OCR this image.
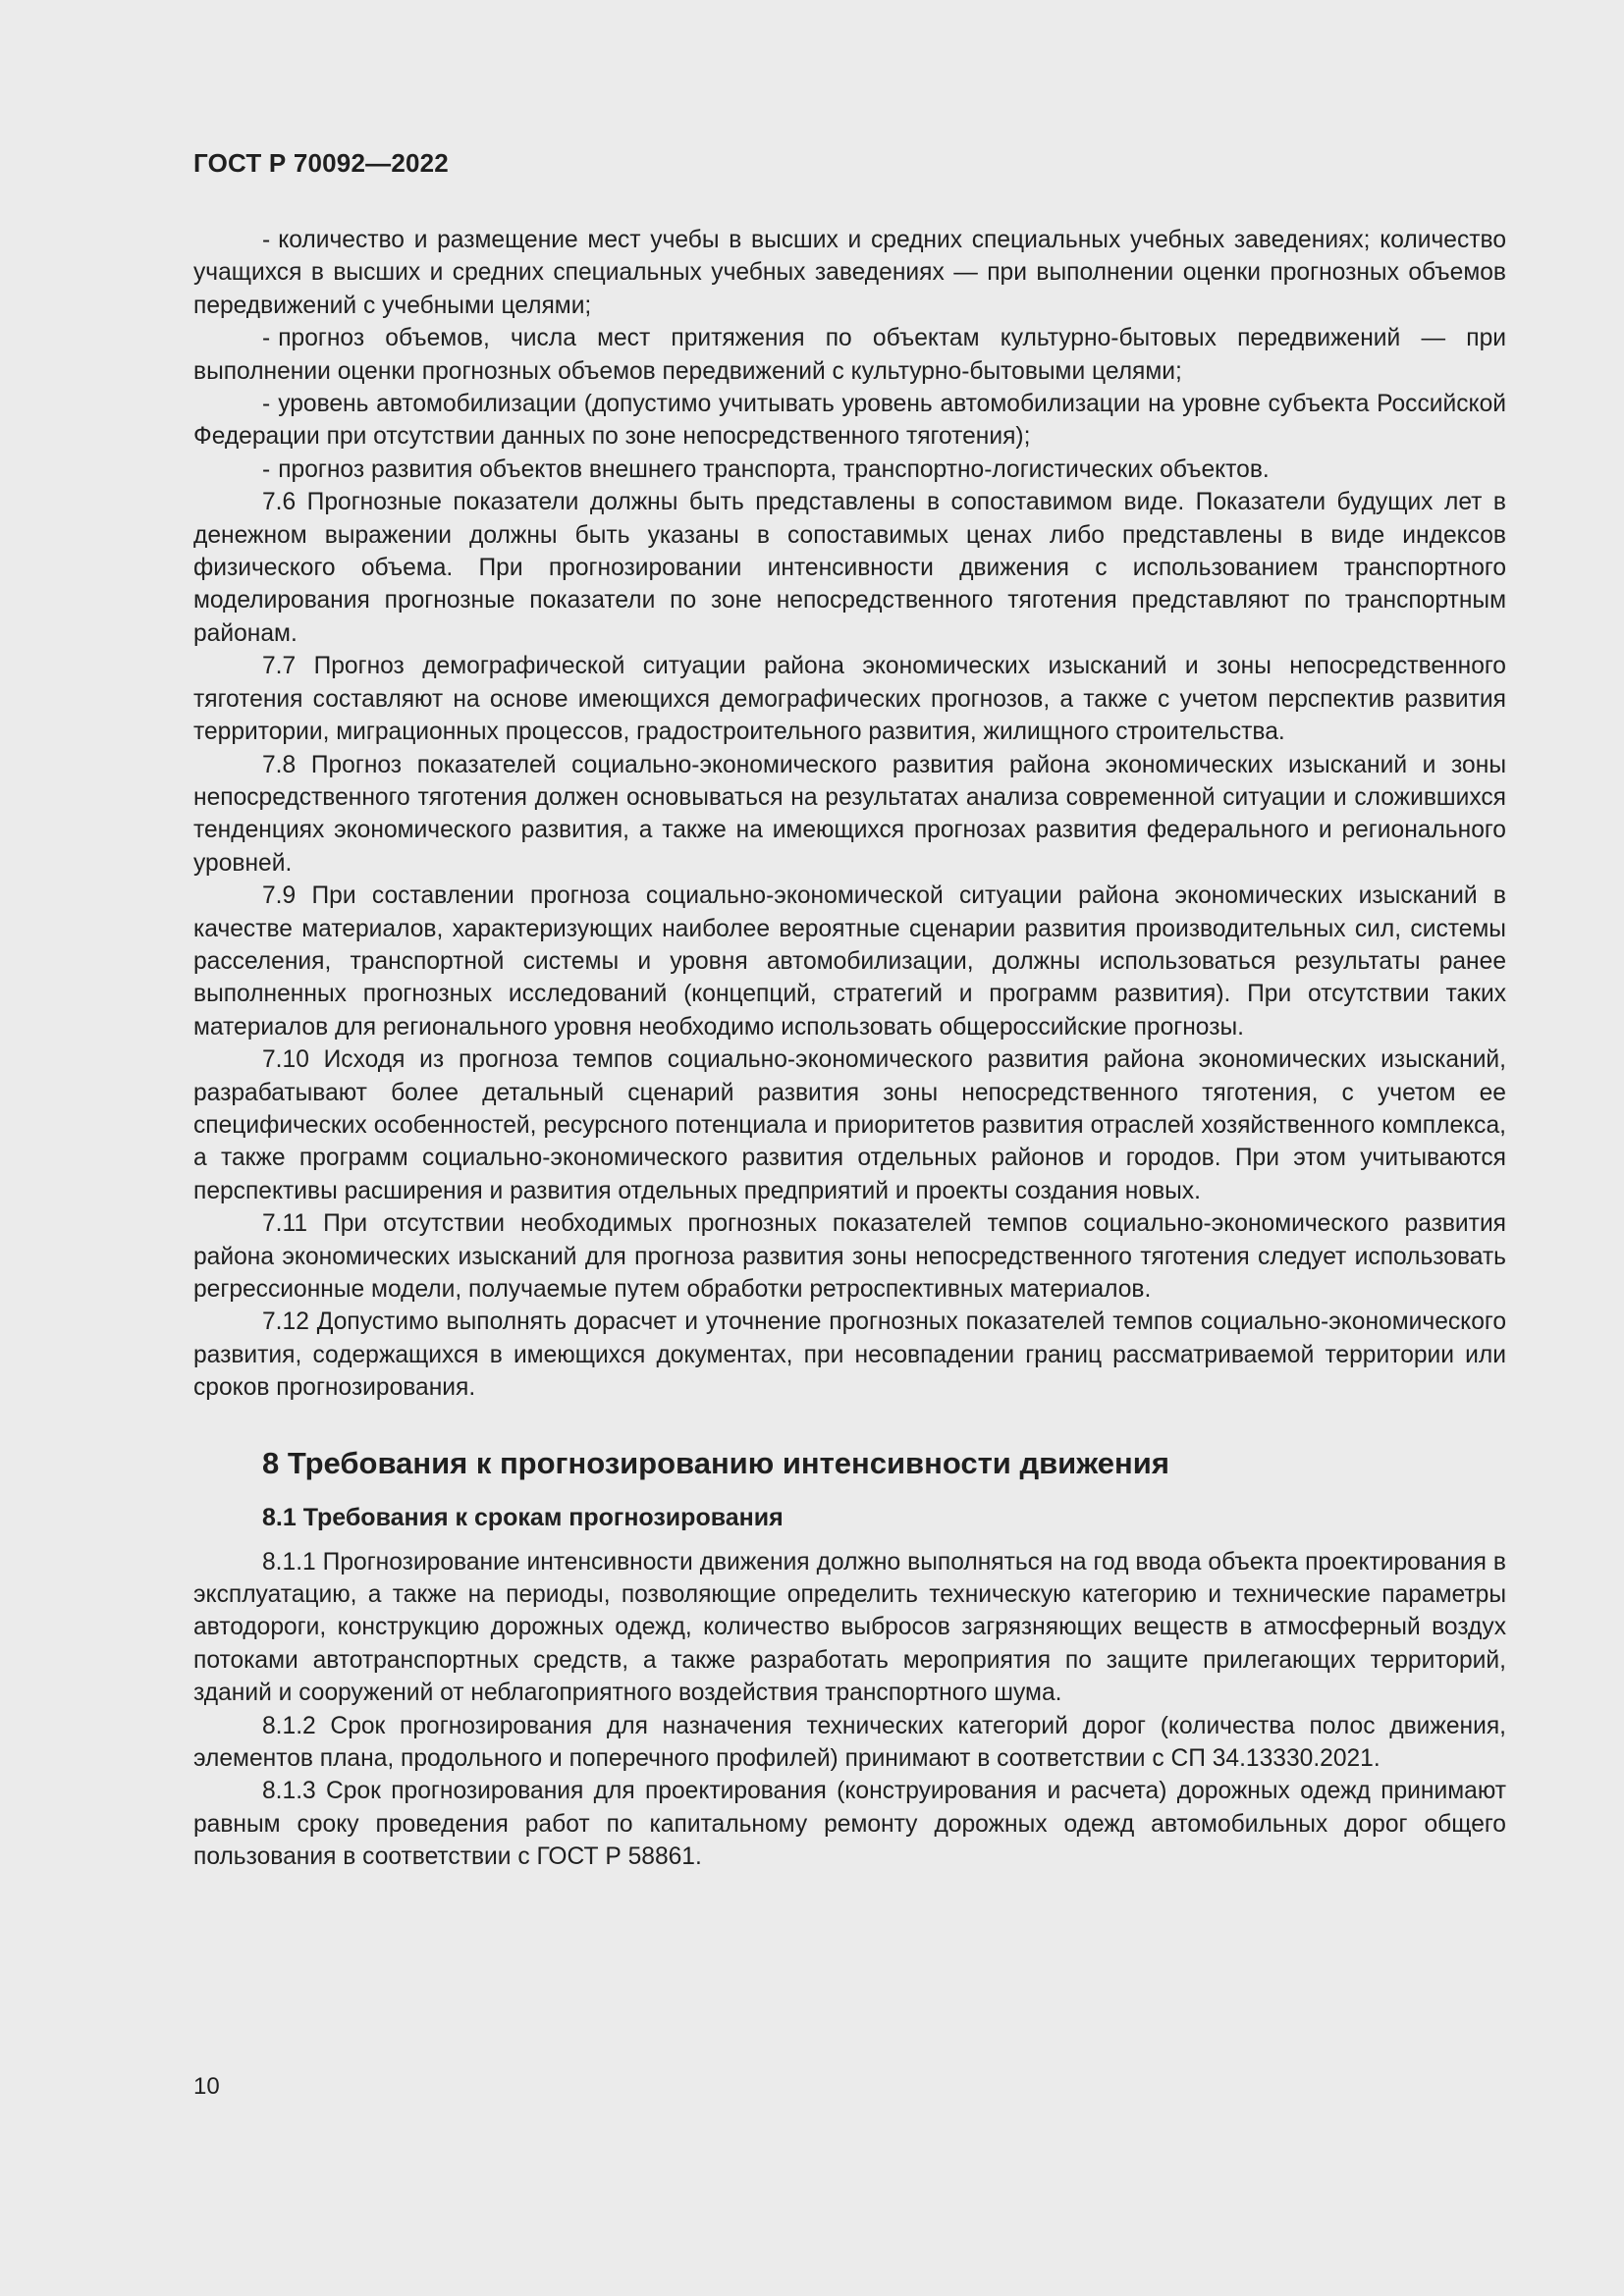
ГОСТ Р 70092—2022

- количество и размещение мест учебы в высших и средних специальных учебных заведениях; количество учащихся в высших и средних специальных учебных заведениях — при выполнении оценки прогнозных объемов передвижений с учебными целями;

- прогноз объемов, числа мест притяжения по объектам культурно-бытовых передвижений — при выполнении оценки прогнозных объемов передвижений с культурно-бытовыми целями;

- уровень автомобилизации (допустимо учитывать уровень автомобилизации на уровне субъекта Российской Федерации при отсутствии данных по зоне непосредственного тяготения);

- прогноз развития объектов внешнего транспорта, транспортно-логистических объектов.

7.6 Прогнозные показатели должны быть представлены в сопоставимом виде. Показатели будущих лет в денежном выражении должны быть указаны в сопоставимых ценах либо представлены в виде индексов физического объема. При прогнозировании интенсивности движения с использованием транспортного моделирования прогнозные показатели по зоне непосредственного тяготения представляют по транспортным районам.

7.7 Прогноз демографической ситуации района экономических изысканий и зоны непосредственного тяготения составляют на основе имеющихся демографических прогнозов, а также с учетом перспектив развития территории, миграционных процессов, градостроительного развития, жилищного строительства.

7.8 Прогноз показателей социально-экономического развития района экономических изысканий и зоны непосредственного тяготения должен основываться на результатах анализа современной ситуации и сложившихся тенденциях экономического развития, а также на имеющихся прогнозах развития федерального и регионального уровней.

7.9 При составлении прогноза социально-экономической ситуации района экономических изысканий в качестве материалов, характеризующих наиболее вероятные сценарии развития производительных сил, системы расселения, транспортной системы и уровня автомобилизации, должны использоваться результаты ранее выполненных прогнозных исследований (концепций, стратегий и программ развития). При отсутствии таких материалов для регионального уровня необходимо использовать общероссийские прогнозы.

7.10 Исходя из прогноза темпов социально-экономического развития района экономических изысканий, разрабатывают более детальный сценарий развития зоны непосредственного тяготения, с учетом ее специфических особенностей, ресурсного потенциала и приоритетов развития отраслей хозяйственного комплекса, а также программ социально-экономического развития отдельных районов и городов. При этом учитываются перспективы расширения и развития отдельных предприятий и проекты создания новых.

7.11 При отсутствии необходимых прогнозных показателей темпов социально-экономического развития района экономических изысканий для прогноза развития зоны непосредственного тяготения следует использовать регрессионные модели, получаемые путем обработки ретроспективных материалов.

7.12 Допустимо выполнять дорасчет и уточнение прогнозных показателей темпов социально-экономического развития, содержащихся в имеющихся документах, при несовпадении границ рассматриваемой территории или сроков прогнозирования.

8 Требования к прогнозированию интенсивности движения
8.1 Требования к срокам прогнозирования

8.1.1 Прогнозирование интенсивности движения должно выполняться на год ввода объекта проектирования в эксплуатацию, а также на периоды, позволяющие определить техническую категорию и технические параметры автодороги, конструкцию дорожных одежд, количество выбросов загрязняющих веществ в атмосферный воздух потоками автотранспортных средств, а также разработать мероприятия по защите прилегающих территорий, зданий и сооружений от неблагоприятного воздействия транспортного шума.

8.1.2 Срок прогнозирования для назначения технических категорий дорог (количества полос движения, элементов плана, продольного и поперечного профилей) принимают в соответствии с СП 34.13330.2021.

8.1.3 Срок прогнозирования для проектирования (конструирования и расчета) дорожных одежд принимают равным сроку проведения работ по капитальному ремонту дорожных одежд автомобильных дорог общего пользования в соответствии с ГОСТ Р 58861.

10
